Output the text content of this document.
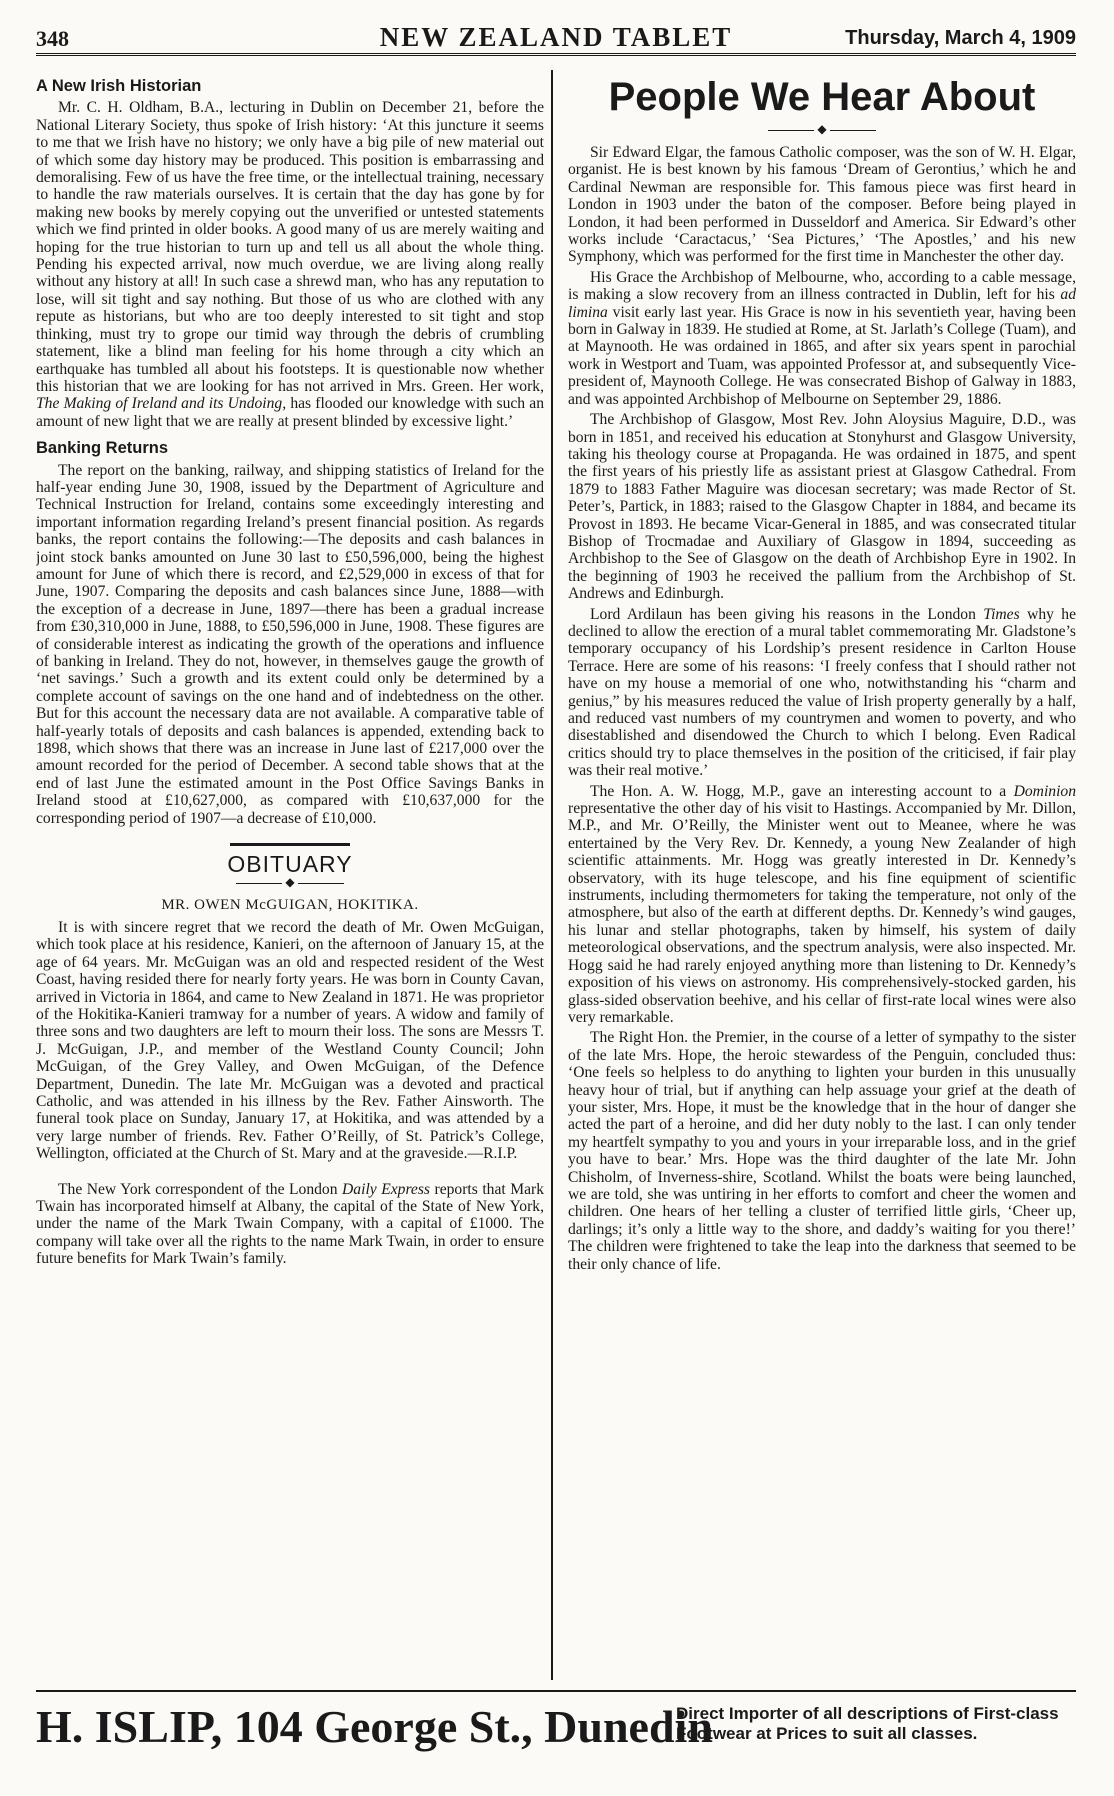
348	NEW ZEALAND TABLET	Thursday, March 4, 1909
A New Irish Historian

Mr. C. H. Oldham, B.A., lecturing in Dublin on December 21, before the National Literary Society, thus spoke of Irish history: ‘At this juncture it seems to me that we Irish have no history; we only have a big pile of new material out of which some day history may be produced. This position is embarrassing and demoralising. Few of us have the free time, or the intellectual training, necessary to handle the raw materials ourselves. It is certain that the day has gone by for making new books by merely copying out the unverified or untested statements which we find printed in older books. A good many of us are merely waiting and hoping for the true historian to turn up and tell us all about the whole thing. Pending his expected arrival, now much overdue, we are living along really without any history at all! In such case a shrewd man, who has any reputation to lose, will sit tight and say nothing. But those of us who are clothed with any repute as historians, but who are too deeply interested to sit tight and stop thinking, must try to grope our timid way through the debris of crumbling statement, like a blind man feeling for his home through a city which an earthquake has tumbled all about his footsteps. It is questionable now whether this historian that we are looking for has not arrived in Mrs. Green. Her work, The Making of Ireland and its Undoing, has flooded our knowledge with such an amount of new light that we are really at present blinded by excessive light.’

Banking Returns

The report on the banking, railway, and shipping statistics of Ireland for the half-year ending June 30, 1908, issued by the Department of Agriculture and Technical Instruction for Ireland, contains some exceedingly interesting and important information regarding Ireland’s present financial position. As regards banks, the report contains the following:—The deposits and cash balances in joint stock banks amounted on June 30 last to £50,596,000, being the highest amount for June of which there is record, and £2,529,000 in excess of that for June, 1907. Comparing the deposits and cash balances since June, 1888—with the exception of a decrease in June, 1897—there has been a gradual increase from £30,310,000 in June, 1888, to £50,596,000 in June, 1908. These figures are of considerable interest as indicating the growth of the operations and influence of banking in Ireland. They do not, however, in themselves gauge the growth of ‘net savings.’ Such a growth and its extent could only be determined by a complete account of savings on the one hand and of indebtedness on the other. But for this account the necessary data are not available. A comparative table of half-yearly totals of deposits and cash balances is appended, extending back to 1898, which shows that there was an increase in June last of £217,000 over the amount recorded for the period of December. A second table shows that at the end of last June the estimated amount in the Post Office Savings Banks in Ireland stood at £10,627,000, as compared with £10,637,000 for the corresponding period of 1907—a decrease of £10,000.

OBITUARY
◆

MR. OWEN McGUIGAN, HOKITIKA.

It is with sincere regret that we record the death of Mr. Owen McGuigan, which took place at his residence, Kanieri, on the afternoon of January 15, at the age of 64 years. Mr. McGuigan was an old and respected resident of the West Coast, having resided there for nearly forty years. He was born in County Cavan, arrived in Victoria in 1864, and came to New Zealand in 1871. He was proprietor of the Hokitika-Kanieri tramway for a number of years. A widow and family of three sons and two daughters are left to mourn their loss. The sons are Messrs T. J. McGuigan, J.P., and member of the Westland County Council; John McGuigan, of the Grey Valley, and Owen McGuigan, of the Defence Department, Dunedin. The late Mr. McGuigan was a devoted and practical Catholic, and was attended in his illness by the Rev. Father Ainsworth. The funeral took place on Sunday, January 17, at Hokitika, and was attended by a very large number of friends. Rev. Father O’Reilly, of St. Patrick’s College, Wellington, officiated at the Church of St. Mary and at the graveside.—R.I.P.

The New York correspondent of the London Daily Express reports that Mark Twain has incorporated himself at Albany, the capital of the State of New York, under the name of the Mark Twain Company, with a capital of £1000. The company will take over all the rights to the name Mark Twain, in order to ensure future benefits for Mark Twain’s family.

People We Hear About
◆

Sir Edward Elgar, the famous Catholic composer, was the son of W. H. Elgar, organist. He is best known by his famous ‘Dream of Gerontius,’ which he and Cardinal Newman are responsible for. This famous piece was first heard in London in 1903 under the baton of the composer. Before being played in London, it had been performed in Dusseldorf and America. Sir Edward’s other works include ‘Caractacus,’ ‘Sea Pictures,’ ‘The Apostles,’ and his new Symphony, which was performed for the first time in Manchester the other day.

His Grace the Archbishop of Melbourne, who, according to a cable message, is making a slow recovery from an illness contracted in Dublin, left for his ad limina visit early last year. His Grace is now in his seventieth year, having been born in Galway in 1839. He studied at Rome, at St. Jarlath’s College (Tuam), and at Maynooth. He was ordained in 1865, and after six years spent in parochial work in Westport and Tuam, was appointed Professor at, and subsequently Vice-president of, Maynooth College. He was consecrated Bishop of Galway in 1883, and was appointed Archbishop of Melbourne on September 29, 1886.

The Archbishop of Glasgow, Most Rev. John Aloysius Maguire, D.D., was born in 1851, and received his education at Stonyhurst and Glasgow University, taking his theology course at Propaganda. He was ordained in 1875, and spent the first years of his priestly life as assistant priest at Glasgow Cathedral. From 1879 to 1883 Father Maguire was diocesan secretary; was made Rector of St. Peter’s, Partick, in 1883; raised to the Glasgow Chapter in 1884, and became its Provost in 1893. He became Vicar-General in 1885, and was consecrated titular Bishop of Trocmadae and Auxiliary of Glasgow in 1894, succeeding as Archbishop to the See of Glasgow on the death of Archbishop Eyre in 1902. In the beginning of 1903 he received the pallium from the Archbishop of St. Andrews and Edinburgh.

Lord Ardilaun has been giving his reasons in the London Times why he declined to allow the erection of a mural tablet commemorating Mr. Gladstone’s temporary occupancy of his Lordship’s present residence in Carlton House Terrace. Here are some of his reasons: ‘I freely confess that I should rather not have on my house a memorial of one who, notwithstanding his “charm and genius,” by his measures reduced the value of Irish property generally by a half, and reduced vast numbers of my countrymen and women to poverty, and who disestablished and disendowed the Church to which I belong. Even Radical critics should try to place themselves in the position of the criticised, if fair play was their real motive.’

The Hon. A. W. Hogg, M.P., gave an interesting account to a Dominion representative the other day of his visit to Hastings. Accompanied by Mr. Dillon, M.P., and Mr. O’Reilly, the Minister went out to Meanee, where he was entertained by the Very Rev. Dr. Kennedy, a young New Zealander of high scientific attainments. Mr. Hogg was greatly interested in Dr. Kennedy’s observatory, with its huge telescope, and his fine equipment of scientific instruments, including thermometers for taking the temperature, not only of the atmosphere, but also of the earth at different depths. Dr. Kennedy’s wind gauges, his lunar and stellar photographs, taken by himself, his system of daily meteorological observations, and the spectrum analysis, were also inspected. Mr. Hogg said he had rarely enjoyed anything more than listening to Dr. Kennedy’s exposition of his views on astronomy. His comprehensively-stocked garden, his glass-sided observation beehive, and his cellar of first-rate local wines were also very remarkable.

The Right Hon. the Premier, in the course of a letter of sympathy to the sister of the late Mrs. Hope, the heroic stewardess of the Penguin, concluded thus: ‘One feels so helpless to do anything to lighten your burden in this unusually heavy hour of trial, but if anything can help assuage your grief at the death of your sister, Mrs. Hope, it must be the knowledge that in the hour of danger she acted the part of a heroine, and did her duty nobly to the last. I can only tender my heartfelt sympathy to you and yours in your irreparable loss, and in the grief you have to bear.’ Mrs. Hope was the third daughter of the late Mr. John Chisholm, of Inverness-shire, Scotland. Whilst the boats were being launched, we are told, she was untiring in her efforts to comfort and cheer the women and children. One hears of her telling a cluster of terrified little girls, ‘Cheer up, darlings; it’s only a little way to the shore, and daddy’s waiting for you there!’ The children were frightened to take the leap into the darkness that seemed to be their only chance of life.

H. ISLIP, 104 George St., Dunedin
Direct Importer of all descriptions of First-class Footwear at Prices to suit all classes.
